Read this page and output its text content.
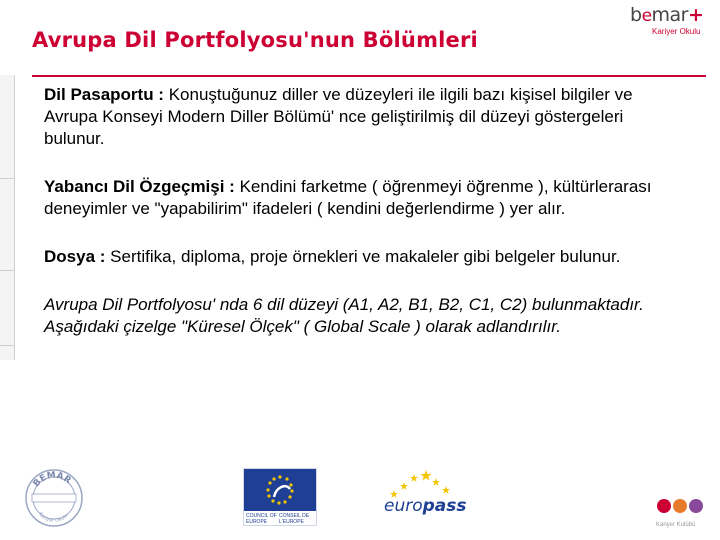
Avrupa Dil Portfolyosu'nun Bölümleri
bemar+
Kariyer Okulu

Dil Pasaportu : Konuştuğunuz diller ve düzeyleri ile ilgili bazı kişisel bilgiler ve Avrupa Konseyi Modern Diller Bölümü' nce geliştirilmiş dil düzeyi göstergeleri bulunur.

Yabancı Dil Özgeçmişi : Kendini farketme ( öğrenmeyi öğrenme ), kültürlerarası deneyimler ve "yapabilirim" ifadeleri ( kendini değerlendirme ) yer alır.

Dosya : Sertifika, diploma, proje örnekleri ve makaleler gibi belgeler bulunur.

Avrupa Dil Portfolyosu' nda 6 dil düzeyi (A1, A2, B1, B2, C1, C2) bulunmaktadır. Aşağıdaki çizelge "Küresel Ölçek" ( Global Scale ) olarak adlandırılır.

BEMAR
Kariyer Okulu	COUNCIL OF EUROPE
CONSEIL DE L'EUROPE
europass
Kariyer Kulübü
